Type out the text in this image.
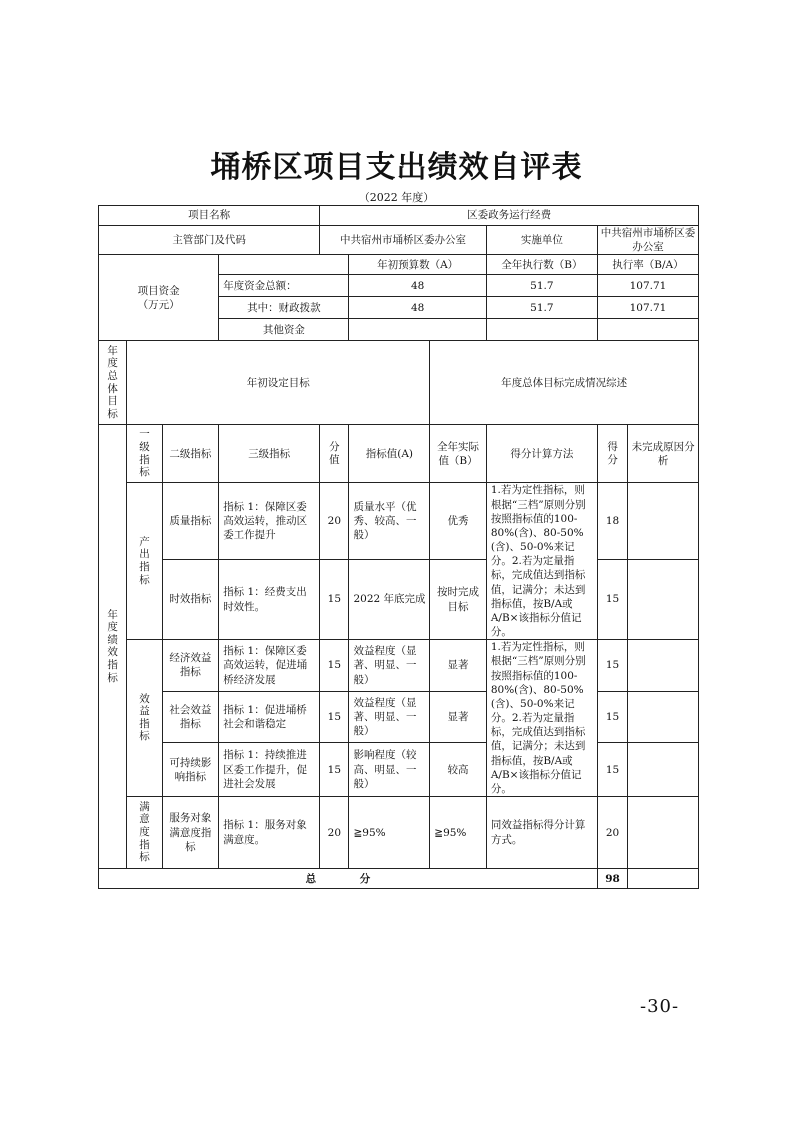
埇桥区项目支出绩效自评表
（2022 年度）
项目名称				区委政务运行经费					
主管部门及代码				中共宿州市埇桥区委办公室			实施单位	中共宿州市埇桥区委办公室	
项目资金
（万元）					年初预算数（A）		全年执行数（B）	执行率（B/A）	
			年度资金总额：		48		51.7	107.71	
			其中：财政拨款		48		51.7	107.71	
			其他资金						
年度总体目标	年初设定目标					年度总体目标完成情况综述			
年度绩效指标	一级指标	二级指标	三级指标	分值	指标值(A)	全年实际值（B）	得分计算方法	得分	未完成原因分析
	产出指标	质量指标	指标 1：保障区委高效运转，推动区委工作提升	20	质量水平（优秀、较高、一般）	优秀	1.若为定性指标，则根据“三档”原则分别按照指标值的100-80%(含)、80-50%(含)、50-0%来记分。2.若为定量指标，完成值达到指标值，记满分；未达到指标值，按B/A或A/B×该指标分值记分。	18	
		时效指标	指标 1：经费支出时效性。	15	2022 年底完成	按时完成目标		15	
	效益指标	经济效益指标	指标 1：保障区委高效运转，促进埇桥经济发展	15	效益程度（显著、明显、一般）	显著	1.若为定性指标，则根据“三档”原则分别按照指标值的100-80%(含)、80-50%(含)、50-0%来记分。2.若为定量指标，完成值达到指标值，记满分；未达到指标值，按B/A或A/B×该指标分值记分。	15	
		社会效益指标	指标 1：促进埇桥社会和谐稳定	15	效益程度（显著、明显、一般）	显著		15	
		可持续影响指标	指标 1：持续推进区委工作提升，促进社会发展	15	影响程度（较高、明显、一般）	较高		15	
	满意度指标	服务对象满意度指标	指标 1：服务对象满意度。	20	≧95%	≧95%	同效益指标得分计算方式。	20	
总 分								98	
-30-
